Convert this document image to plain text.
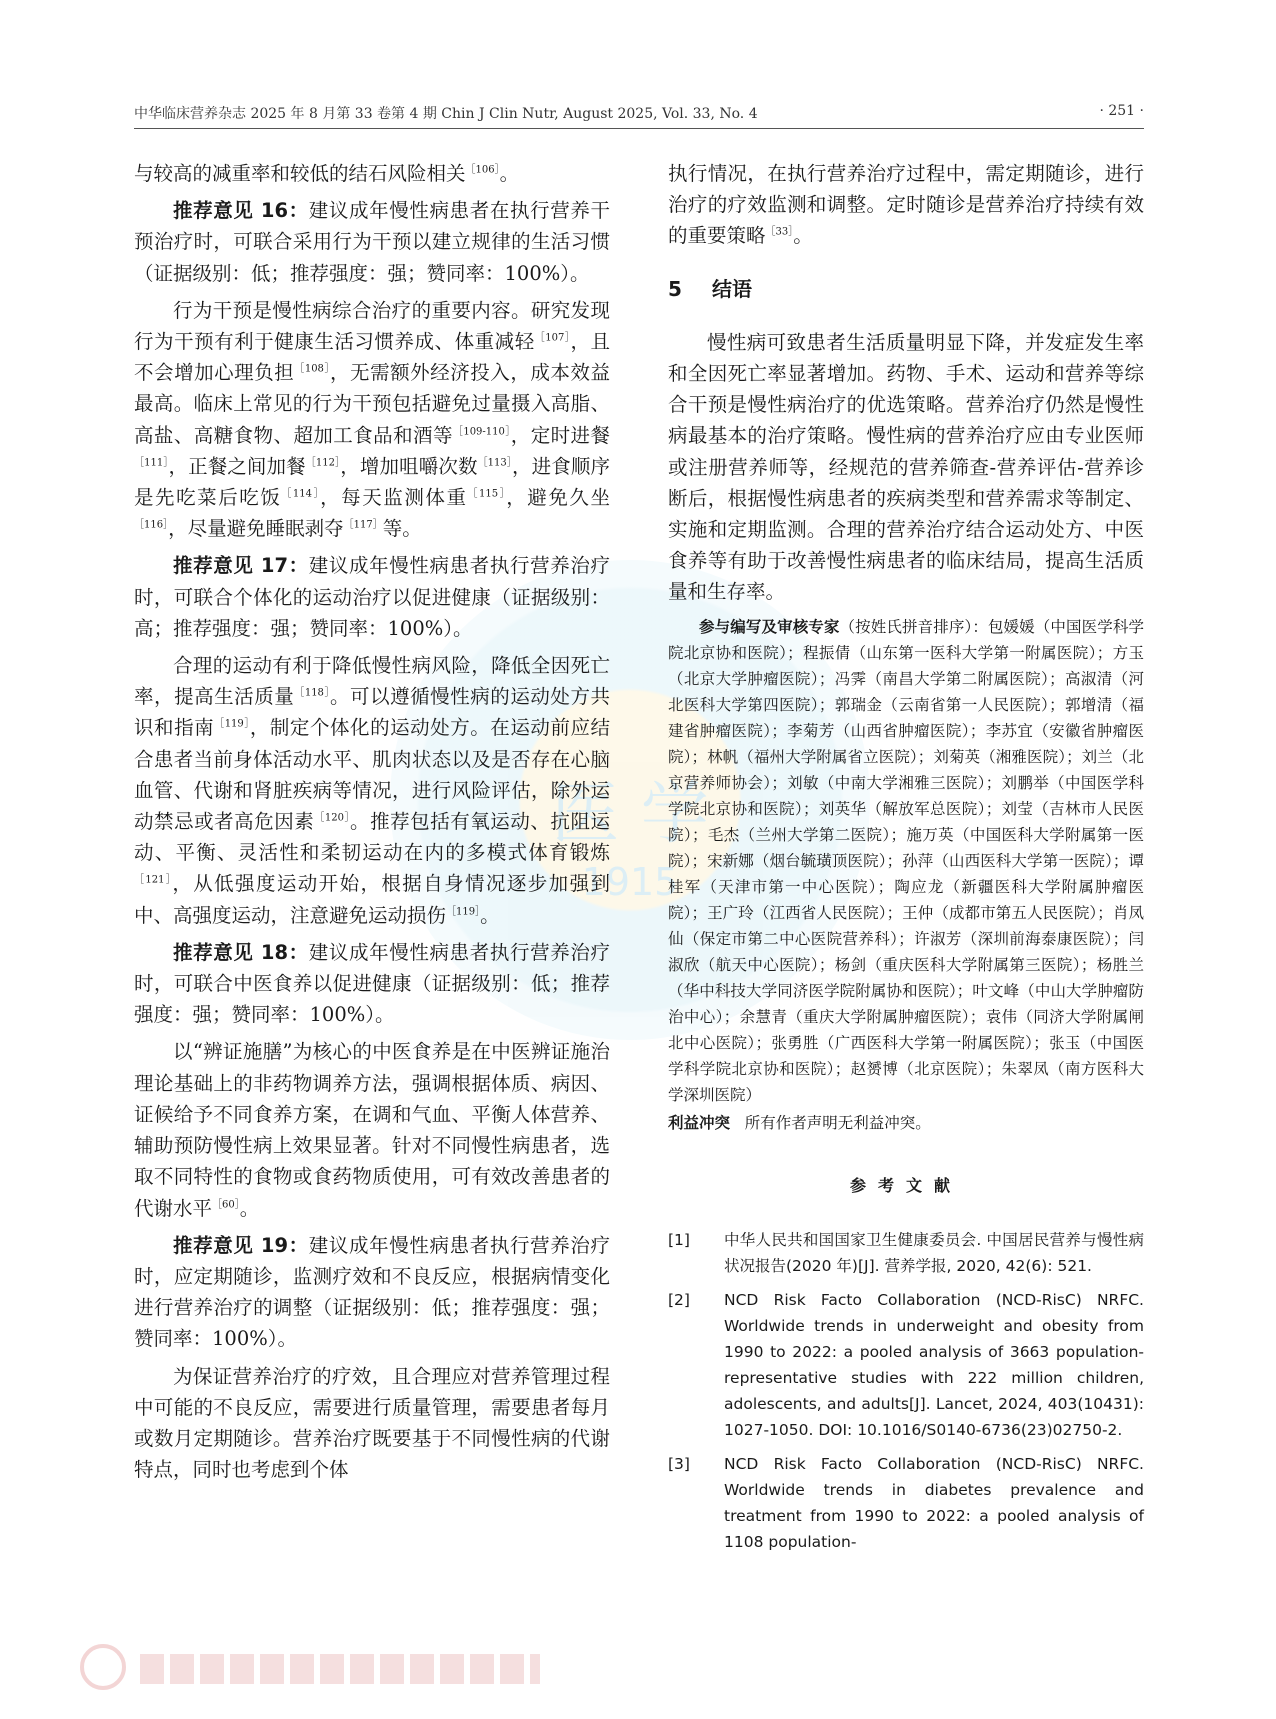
中华临床营养杂志 2025 年 8 月第 33 卷第 4 期 Chin J Clin Nutr, August 2025, Vol. 33, No. 4	· 251 ·
医 学
1915

与较高的减重率和较低的结石风险相关$^{[106]}$。

推荐意见 16：建议成年慢性病患者在执行营养干预治疗时，可联合采用行为干预以建立规律的生活习惯（证据级别：低；推荐强度：强；赞同率：100%）。

行为干预是慢性病综合治疗的重要内容。研究发现行为干预有利于健康生活习惯养成、体重减轻$^{[107]}$，且不会增加心理负担$^{[108]}$，无需额外经济投入，成本效益最高。临床上常见的行为干预包括避免过量摄入高脂、高盐、高糖食物、超加工食品和酒等$^{[109-110]}$，定时进餐$^{[111]}$，正餐之间加餐$^{[112]}$，增加咀嚼次数$^{[113]}$，进食顺序是先吃菜后吃饭$^{[114]}$，每天监测体重$^{[115]}$，避免久坐$^{[116]}$，尽量避免睡眠剥夺$^{[117]}$等。

推荐意见 17：建议成年慢性病患者执行营养治疗时，可联合个体化的运动治疗以促进健康（证据级别：高；推荐强度：强；赞同率：100%）。

合理的运动有利于降低慢性病风险，降低全因死亡率，提高生活质量$^{[118]}$。可以遵循慢性病的运动处方共识和指南$^{[119]}$，制定个体化的运动处方。在运动前应结合患者当前身体活动水平、肌肉状态以及是否存在心脑血管、代谢和肾脏疾病等情况，进行风险评估，除外运动禁忌或者高危因素$^{[120]}$。推荐包括有氧运动、抗阻运动、平衡、灵活性和柔韧运动在内的多模式体育锻炼$^{[121]}$，从低强度运动开始，根据自身情况逐步加强到中、高强度运动，注意避免运动损伤$^{[119]}$。

推荐意见 18：建议成年慢性病患者执行营养治疗时，可联合中医食养以促进健康（证据级别：低；推荐强度：强；赞同率：100%）。

以“辨证施膳”为核心的中医食养是在中医辨证施治理论基础上的非药物调养方法，强调根据体质、病因、证候给予不同食养方案，在调和气血、平衡人体营养、辅助预防慢性病上效果显著。针对不同慢性病患者，选取不同特性的食物或食药物质使用，可有效改善患者的代谢水平$^{[60]}$。

推荐意见 19：建议成年慢性病患者执行营养治疗时，应定期随诊，监测疗效和不良反应，根据病情变化进行营养治疗的调整（证据级别：低；推荐强度：强；赞同率：100%）。

为保证营养治疗的疗效，且合理应对营养管理过程中可能的不良反应，需要进行质量管理，需要患者每月或数月定期随诊。营养治疗既要基于不同慢性病的代谢特点，同时也考虑到个体

执行情况，在执行营养治疗过程中，需定期随诊，进行治疗的疗效监测和调整。定时随诊是营养治疗持续有效的重要策略$^{[33]}$。

5 结语

慢性病可致患者生活质量明显下降，并发症发生率和全因死亡率显著增加。药物、手术、运动和营养等综合干预是慢性病治疗的优选策略。营养治疗仍然是慢性病最基本的治疗策略。慢性病的营养治疗应由专业医师或注册营养师等，经规范的营养筛查-营养评估-营养诊断后，根据慢性病患者的疾病类型和营养需求等制定、实施和定期监测。合理的营养治疗结合运动处方、中医食养等有助于改善慢性病患者的临床结局，提高生活质量和生存率。

参与编写及审核专家（按姓氏拼音排序）：包媛媛（中国医学科学院北京协和医院）；程振倩（山东第一医科大学第一附属医院）；方玉（北京大学肿瘤医院）；冯霁（南昌大学第二附属医院）；高淑清（河北医科大学第四医院）；郭瑞金（云南省第一人民医院）；郭增清（福建省肿瘤医院）；李菊芳（山西省肿瘤医院）；李苏宜（安徽省肿瘤医院）；林帆（福州大学附属省立医院）；刘菊英（湘雅医院）；刘兰（北京营养师协会）；刘敏（中南大学湘雅三医院）；刘鹏举（中国医学科学院北京协和医院）；刘英华（解放军总医院）；刘莹（吉林市人民医院）；毛杰（兰州大学第二医院）；施万英（中国医科大学附属第一医院）；宋新娜（烟台毓璜顶医院）；孙萍（山西医科大学第一医院）；谭桂军（天津市第一中心医院）；陶应龙（新疆医科大学附属肿瘤医院）；王广玲（江西省人民医院）；王仲（成都市第五人民医院）；肖凤仙（保定市第二中心医院营养科）；许淑芳（深圳前海泰康医院）；闫淑欣（航天中心医院）；杨剑（重庆医科大学附属第三医院）；杨胜兰（华中科技大学同济医学院附属协和医院）；叶文峰（中山大学肿瘤防治中心）；余慧青（重庆大学附属肿瘤医院）；袁伟（同济大学附属闸北中心医院）；张勇胜（广西医科大学第一附属医院）；张玉（中国医学科学院北京协和医院）；赵赟博（北京医院）；朱翠凤（南方医科大学深圳医院）
利益冲突 所有作者声明无利益冲突。
参考文献
[1] 中华人民共和国国家卫生健康委员会. 中国居民营养与慢性病状况报告(2020 年)[J]. 营养学报, 2020, 42(6): 521.
[2] NCD Risk Facto Collaboration (NCD-RisC) NRFC. Worldwide trends in underweight and obesity from 1990 to 2022: a pooled analysis of 3663 population-representative studies with 222 million children, adolescents, and adults[J]. Lancet, 2024, 403(10431): 1027-1050. DOI: 10.1016/S0140-6736(23)02750-2.
[3] NCD Risk Facto Collaboration (NCD-RisC) NRFC. Worldwide trends in diabetes prevalence and treatment from 1990 to 2022: a pooled analysis of 1108 population-
